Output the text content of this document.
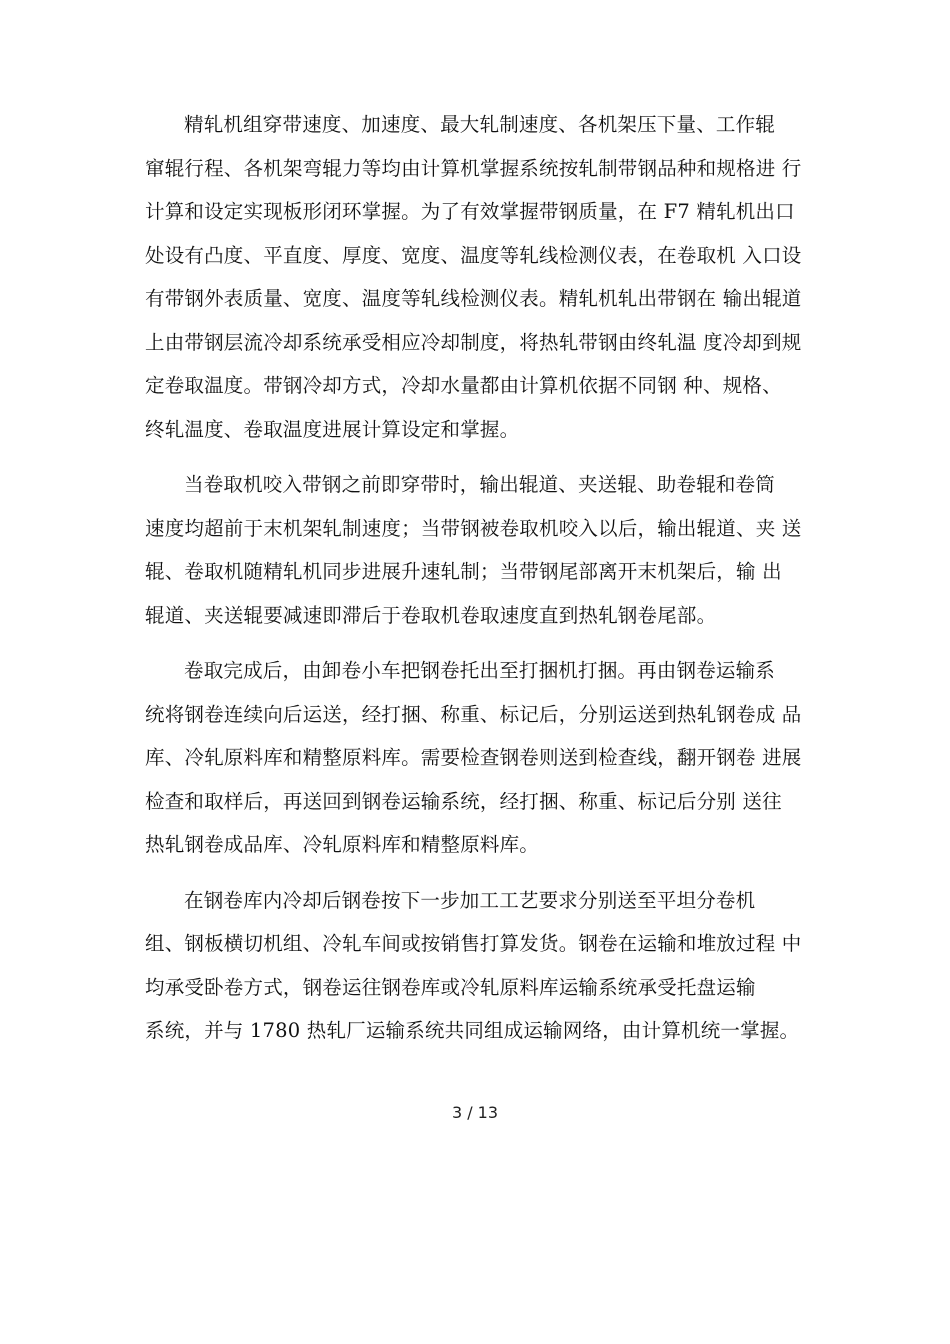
精轧机组穿带速度、加速度、最大轧制速度、各机架压下量、工作辊
窜辊行程、各机架弯辊力等均由计算机掌握系统按轧制带钢品种和规格进 行
计算和设定实现板形闭环掌握。为了有效掌握带钢质量，在 F7 精轧机出口
处设有凸度、平直度、厚度、宽度、温度等轧线检测仪表，在卷取机 入口设
有带钢外表质量、宽度、温度等轧线检测仪表。精轧机轧出带钢在 输出辊道
上由带钢层流冷却系统承受相应冷却制度，将热轧带钢由终轧温 度冷却到规
定卷取温度。带钢冷却方式，冷却水量都由计算机依据不同钢 种、规格、
终轧温度、卷取温度进展计算设定和掌握。
当卷取机咬入带钢之前即穿带时，输出辊道、夹送辊、助卷辊和卷筒
速度均超前于末机架轧制速度；当带钢被卷取机咬入以后，输出辊道、夹 送
辊、卷取机随精轧机同步进展升速轧制；当带钢尾部离开末机架后，输 出
辊道、夹送辊要减速即滞后于卷取机卷取速度直到热轧钢卷尾部。
卷取完成后，由卸卷小车把钢卷托出至打捆机打捆。再由钢卷运输系
统将钢卷连续向后运送，经打捆、称重、标记后，分别运送到热轧钢卷成 品
库、冷轧原料库和精整原料库。需要检查钢卷则送到检查线，翻开钢卷 进展
检查和取样后，再送回到钢卷运输系统，经打捆、称重、标记后分别 送往
热轧钢卷成品库、冷轧原料库和精整原料库。
在钢卷库内冷却后钢卷按下一步加工工艺要求分别送至平坦分卷机
组、钢板横切机组、冷轧车间或按销售打算发货。钢卷在运输和堆放过程 中
均承受卧卷方式，钢卷运往钢卷库或冷轧原料库运输系统承受托盘运输
系统，并与 1780 热轧厂运输系统共同组成运输网络，由计算机统一掌握。
3 / 13
